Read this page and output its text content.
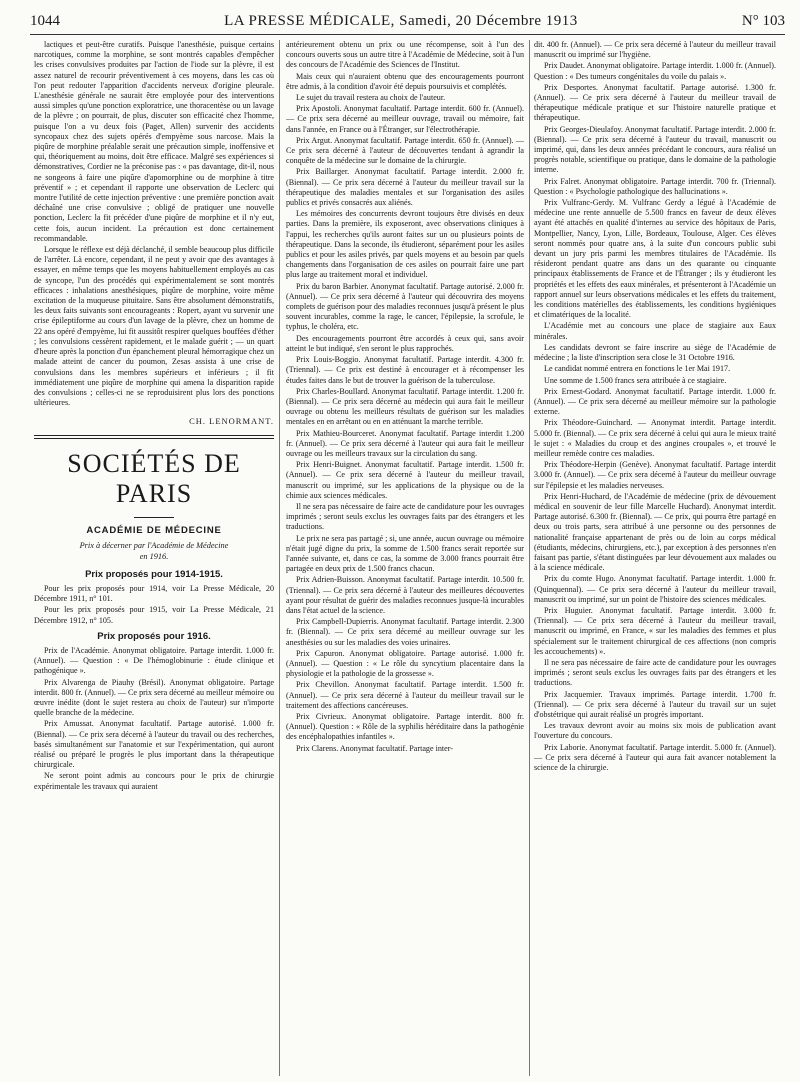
1044	LA PRESSE MÉDICALE, Samedi, 20 Décembre 1913	N° 103

lactiques et peut-être curatifs. Puisque l'anesthésie, puisque certains narcotiques, comme la morphine, se sont montrés capables d'empêcher les crises convulsives produites par l'action de l'iode sur la plèvre, il est assez naturel de recourir préventivement à ces moyens, dans les cas où l'on peut redouter l'apparition d'accidents nerveux d'origine pleurale. L'anesthésie générale ne saurait être employée pour des interventions aussi simples qu'une ponction exploratrice, une thoracentèse ou un lavage de la plèvre ; on pourrait, de plus, discuter son efficacité chez l'homme, puisque l'on a vu deux fois (Paget, Allen) survenir des accidents syncopaux chez des sujets opérés d'empyème sous narcose. Mais la piqûre de morphine préalable serait une précaution simple, inoffensive et qui, théoriquement au moins, doit être efficace. Malgré ses expériences si démonstratives, Cordier ne la préconise pas : « pas davantage, dit-il, nous ne songeons à faire une piqûre d'apomorphine ou de morphine à titre préventif » ; et cependant il rapporte une observation de Leclerc qui montre l'utilité de cette injection préventive : une première ponction avait déchaîné une crise convulsive ; obligé de pratiquer une nouvelle ponction, Leclerc la fit précéder d'une piqûre de morphine et il n'y eut, cette fois, aucun incident. La précaution est donc certainement recommandable.

Lorsque le réflexe est déjà déclanché, il semble beaucoup plus difficile de l'arrêter. Là encore, cependant, il ne peut y avoir que des avantages à essayer, en même temps que les moyens habituellement employés au cas de syncope, l'un des procédés qui expérimentalement se sont montrés efficaces : inhalations anesthésiques, piqûre de morphine, voire même excitation de la muqueuse pituitaire. Sans être absolument démonstratifs, les deux faits suivants sont encourageants : Ropert, ayant vu survenir une crise épileptiforme au cours d'un lavage de la plèvre, chez un homme de 22 ans opéré d'empyème, lui fit aussitôt respirer quelques bouffées d'éther ; les convulsions cessèrent rapidement, et le malade guérit ; — un quart d'heure après la ponction d'un épanchement pleural hémorragique chez un malade atteint de cancer du poumon, Zesas assista à une crise de convulsions dans les membres supérieurs et inférieurs ; il fit immédiatement une piqûre de morphine qui amena la disparition rapide des convulsions ; celles-ci ne se reproduisirent plus lors des ponctions ultérieures.

CH. LENORMANT.
SOCIÉTÉS DE PARIS
ACADÉMIE DE MÉDECINE
Prix à décerner par l'Académie de Médecine
en 1916.
Prix proposés pour 1914-1915.

Pour les prix proposés pour 1914, voir La Presse Médicale, 20 Décembre 1911, n° 101.

Pour les prix proposés pour 1915, voir La Presse Médicale, 21 Décembre 1912, n° 105.

Prix proposés pour 1916.

Prix de l'Académie. Anonymat obligatoire. Partage interdit. 1.000 fr. (Annuel). — Question : « De l'hémoglobinurie : étude clinique et pathogénique ».

Prix Alvarenga de Piauhy (Brésil). Anonymat obligatoire. Partage interdit. 800 fr. (Annuel). — Ce prix sera décerné au meilleur mémoire ou œuvre inédite (dont le sujet restera au choix de l'auteur) sur n'importe quelle branche de la médecine.

Prix Amussat. Anonymat facultatif. Partage autorisé. 1.000 fr. (Biennal). — Ce prix sera décerné à l'auteur du travail ou des recherches, basés simultanément sur l'anatomie et sur l'expérimentation, qui auront réalisé ou préparé le progrès le plus important dans la thérapeutique chirurgicale.

Ne seront point admis au concours pour le prix de chirurgie expérimentale les travaux qui auraient

antérieurement obtenu un prix ou une récompense, soit à l'un des concours ouverts sous un autre titre à l'Académie de Médecine, soit à l'un des concours de l'Académie des Sciences de l'Institut.

Mais ceux qui n'auraient obtenu que des encouragements pourront être admis, à la condition d'avoir été depuis poursuivis et complétés.

Le sujet du travail restera au choix de l'auteur.

Prix Apostoli. Anonymat facultatif. Partage interdit. 600 fr. (Annuel). — Ce prix sera décerné au meilleur ouvrage, travail ou mémoire, fait dans l'année, en France ou à l'Étranger, sur l'électrothérapie.

Prix Argut. Anonymat facultatif. Partage interdit. 650 fr. (Annuel). — Ce prix sera décerné à l'auteur de découvertes tendant à agrandir la conquête de la médecine sur le domaine de la chirurgie.

Prix Baillarger. Anonymat facultatif. Partage interdit. 2.000 fr. (Biennal). — Ce prix sera décerné à l'auteur du meilleur travail sur la thérapeutique des maladies mentales et sur l'organisation des asiles publics et privés consacrés aux aliénés.

Les mémoires des concurrents devront toujours être divisés en deux parties. Dans la première, ils exposeront, avec observations cliniques à l'appui, les recherches qu'ils auront faites sur un ou plusieurs points de thérapeutique. Dans la seconde, ils étudieront, séparément pour les asiles publics et pour les asiles privés, par quels moyens et au besoin par quels changements dans l'organisation de ces asiles on pourrait faire une part plus large au traitement moral et individuel.

Prix du baron Barbier. Anonymat facultatif. Partage autorisé. 2.000 fr. (Annuel). — Ce prix sera décerné à l'auteur qui découvrira des moyens complets de guérison pour des maladies reconnues jusqu'à présent le plus souvent incurables, comme la rage, le cancer, l'épilepsie, la scrofule, le typhus, le choléra, etc.

Des encouragements pourront être accordés à ceux qui, sans avoir atteint le but indiqué, s'en seront le plus rapprochés.

Prix Louis-Boggio. Anonymat facultatif. Partage interdit. 4.300 fr. (Triennal). — Ce prix est destiné à encourager et à récompenser les études faites dans le but de trouver la guérison de la tuberculose.

Prix Charles-Boullard. Anonymat facultatif. Partage interdit. 1.200 fr. (Biennal). — Ce prix sera décerné au médecin qui aura fait le meilleur ouvrage ou obtenu les meilleurs résultats de guérison sur les maladies mentales en en arrêtant ou en en atténuant la marche terrible.

Prix Mathieu-Bourceret. Anonymat facultatif. Partage interdit 1.200 fr. (Annuel). — Ce prix sera décerné à l'auteur qui aura fait le meilleur ouvrage ou les meilleurs travaux sur la circulation du sang.

Prix Henri-Buignet. Anonymat facultatif. Partage interdit. 1.500 fr. (Annuel). — Ce prix sera décerné à l'auteur du meilleur travail, manuscrit ou imprimé, sur les applications de la physique ou de la chimie aux sciences médicales.

Il ne sera pas nécessaire de faire acte de candidature pour les ouvrages imprimés ; seront seuls exclus les ouvrages faits par des étrangers et les traductions.

Le prix ne sera pas partagé ; si, une année, aucun ouvrage ou mémoire n'était jugé digne du prix, la somme de 1.500 francs serait reportée sur l'année suivante, et, dans ce cas, la somme de 3.000 francs pourrait être partagée en deux prix de 1.500 francs chacun.

Prix Adrien-Buisson. Anonymat facultatif. Partage interdit. 10.500 fr. (Triennal). — Ce prix sera décerné à l'auteur des meilleures découvertes ayant pour résultat de guérir des maladies reconnues jusque-là incurables dans l'état actuel de la science.

Prix Campbell-Dupierris. Anonymat facultatif. Partage interdit. 2.300 fr. (Biennal). — Ce prix sera décerné au meilleur ouvrage sur les anesthésies ou sur les maladies des voies urinaires.

Prix Capuron. Anonymat obligatoire. Partage autorisé. 1.000 fr. (Annuel). — Question : « Le rôle du syncytium placentaire dans la physiologie et la pathologie de la grossesse ».

Prix Chevillon. Anonymat facultatif. Partage interdit. 1.500 fr. (Annuel). — Ce prix sera décerné à l'auteur du meilleur travail sur le traitement des affections cancéreuses.

Prix Civrieux. Anonymat obligatoire. Partage interdit. 800 fr. (Annuel). Question : « Rôle de la syphilis héréditaire dans la pathogénie des encéphalopathies infantiles ».

Prix Clarens. Anonymat facultatif. Partage inter-

dit. 400 fr. (Annuel). — Ce prix sera décerné à l'auteur du meilleur travail manuscrit ou imprimé sur l'hygiène.

Prix Daudet. Anonymat obligatoire. Partage interdit. 1.000 fr. (Annuel). Question : « Des tumeurs congénitales du voile du palais ».

Prix Desportes. Anonymat facultatif. Partage autorisé. 1.300 fr. (Annuel). — Ce prix sera décerné à l'auteur du meilleur travail de thérapeutique médicale pratique et sur l'histoire naturelle pratique et thérapeutique.

Prix Georges-Dieulafoy. Anonymat facultatif. Partage interdit. 2.000 fr. (Biennal). — Ce prix sera décerné à l'auteur du travail, manuscrit ou imprimé, qui, dans les deux années précédant le concours, aura réalisé un progrès notable, scientifique ou pratique, dans le domaine de la pathologie interne.

Prix Falret. Anonymat obligatoire. Partage interdit. 700 fr. (Triennal). Question : « Psychologie pathologique des hallucinations ».

Prix Vulfranc-Gerdy. M. Vulfranc Gerdy a légué à l'Académie de médecine une rente annuelle de 5.500 francs en faveur de deux élèves ayant été attachés en qualité d'internes au service des hôpitaux de Paris, Montpellier, Nancy, Lyon, Lille, Bordeaux, Toulouse, Alger. Ces élèves seront nommés pour quatre ans, à la suite d'un concours public subi devant un jury pris parmi les membres titulaires de l'Académie. Ils résideront pendant quatre ans dans un des quarante ou cinquante principaux établissements de France et de l'Étranger ; ils y étudieront les propriétés et les effets des eaux minérales, et présenteront à l'Académie un rapport annuel sur leurs observations médicales et les effets du traitement, les conditions matérielles des établissements, les conditions hygiéniques et climatériques de la localité.

L'Académie met au concours une place de stagiaire aux Eaux minérales.

Les candidats devront se faire inscrire au siège de l'Académie de médecine ; la liste d'inscription sera close le 31 Octobre 1916.

Le candidat nommé entrera en fonctions le 1er Mai 1917.

Une somme de 1.500 francs sera attribuée à ce stagiaire.

Prix Ernest-Godard. Anonymat facultatif. Partage interdit. 1.000 fr. (Annuel). — Ce prix sera décerné au meilleur mémoire sur la pathologie externe.

Prix Théodore-Guinchard. — Anonymat interdit. Partage interdit. 5.000 fr. (Biennal). — Ce prix sera décerné à celui qui aura le mieux traité le sujet : « Maladies du croup et des angines croupales », et trouvé le meilleur remède contre ces maladies.

Prix Théodore-Herpin (Genève). Anonymat facultatif. Partage interdit 3.000 fr. (Annuel). — Ce prix sera décerné à l'auteur du meilleur ouvrage sur l'épilepsie et les maladies nerveuses.

Prix Henri-Huchard, de l'Académie de médecine (prix de dévouement médical en souvenir de leur fille Marcelle Huchard). Anonymat interdit. Partage autorisé. 6.300 fr. (Biennal). — Ce prix, qui pourra être partagé en deux ou trois parts, sera attribué à une personne ou des personnes de nationalité française appartenant de près ou de loin au corps médical (étudiants, médecins, chirurgiens, etc.), par exception à des personnes n'en faisant pas partie, s'étant distinguées par leur dévouement aux malades ou à la science médicale.

Prix du comte Hugo. Anonymat facultatif. Partage interdit. 1.000 fr. (Quinquennal). — Ce prix sera décerné à l'auteur du meilleur travail, manuscrit ou imprimé, sur un point de l'histoire des sciences médicales.

Prix Huguier. Anonymat facultatif. Partage interdit. 3.000 fr. (Triennal). — Ce prix sera décerné à l'auteur du meilleur travail, manuscrit ou imprimé, en France, « sur les maladies des femmes et plus spécialement sur le traitement chirurgical de ces affections (non compris les accouchements) ».

Il ne sera pas nécessaire de faire acte de candidature pour les ouvrages imprimés ; seront seuls exclus les ouvrages faits par des étrangers et les traductions.

Prix Jacquemier. Travaux imprimés. Partage interdit. 1.700 fr. (Triennal). — Ce prix sera décerné à l'auteur du travail sur un sujet d'obstétrique qui aurait réalisé un progrès important.

Les travaux devront avoir au moins six mois de publication avant l'ouverture du concours.

Prix Laborie. Anonymat facultatif. Partage interdit. 5.000 fr. (Annuel). — Ce prix sera décerné à l'auteur qui aura fait avancer notablement la science de la chirurgie.
